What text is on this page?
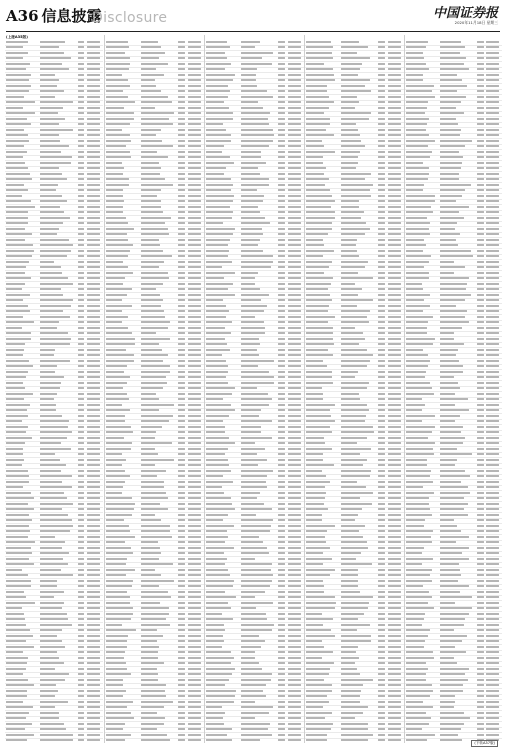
A36 信息披露
Disclosure	中国证券报
2020年11月18日 星期三
(上接A35版)
(下转A37版)
